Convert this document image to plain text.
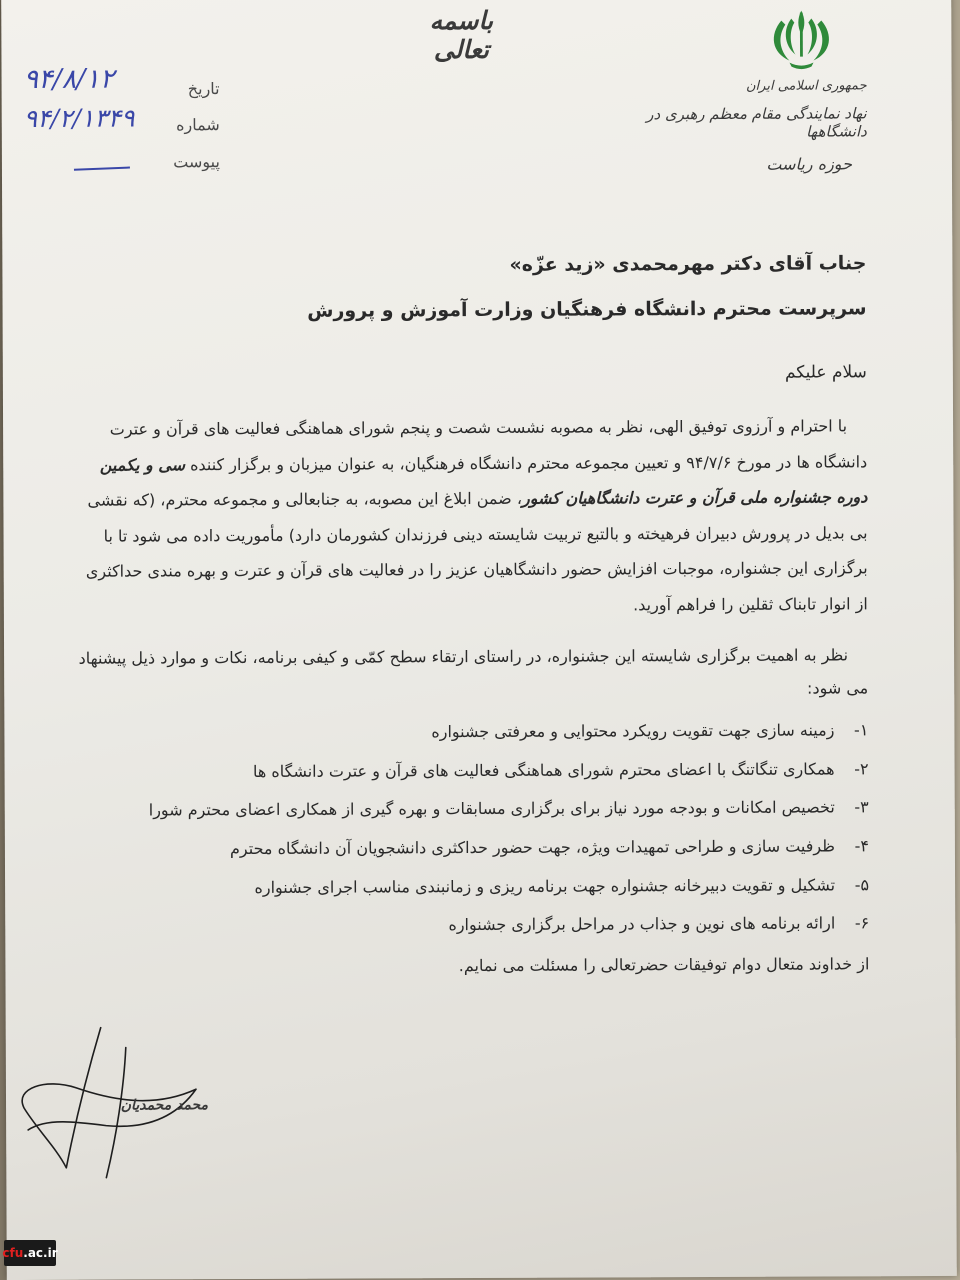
باسمه تعالی
جمهوری اسلامی ایران
نهاد نمایندگی مقام معظم رهبری در دانشگاهها
حوزه ریاست
تاریخ
۹۴/۸/۱۲
شماره
۹۴/۲/۱۳۴۹
پیوست
جناب آقای دکتر مهرمحمدی «زید عزّه»
سرپرست محترم دانشگاه فرهنگیان وزارت آموزش و پرورش
سلام علیکم

با احترام و آرزوی توفیق الهی، نظر به مصوبه نشست شصت و پنجم شورای هماهنگی فعالیت های قرآن و عترت دانشگاه ها در مورخ ۹۴/۷/۶ و تعیین مجموعه محترم دانشگاه فرهنگیان، به عنوان میزبان و برگزار کننده سی و یکمین دوره جشنواره ملی قرآن و عترت دانشگاهیان کشور، ضمن ابلاغ این مصوبه، به جنابعالی و مجموعه محترم، (که نقشی بی بدیل در پرورش دبیران فرهیخته و بالتبع تربیت شایسته دینی فرزندان کشورمان دارد) مأموریت داده می شود تا با برگزاری این جشنواره، موجبات افزایش حضور دانشگاهیان عزیز را در فعالیت های قرآن و عترت و بهره مندی حداکثری از انوار تابناک ثقلین را فراهم آورید.

نظر به اهمیت برگزاری شایسته این جشنواره، در راستای ارتقاء سطح کمّی و کیفی برنامه، نکات و موارد ذیل پیشنهاد می شود:

۱-
زمینه سازی جهت تقویت رویکرد محتوایی و معرفتی جشنواره
۲-
همکاری تنگاتنگ با اعضای محترم شورای هماهنگی فعالیت های قرآن و عترت دانشگاه ها
۳-
تخصیص امکانات و بودجه مورد نیاز برای برگزاری مسابقات و بهره گیری از همکاری اعضای محترم شورا
۴-
ظرفیت سازی و طراحی تمهیدات ویژه، جهت حضور حداکثری دانشجویان آن دانشگاه محترم
۵-
تشکیل و تقویت دبیرخانه جشنواره جهت برنامه ریزی و زمانبندی مناسب اجرای جشنواره
۶-
ارائه برنامه های نوین و جذاب در مراحل برگزاری جشنواره
از خداوند متعال دوام توفیقات حضرتعالی را مسئلت می نمایم.
محمد محمدیان
cfu .ac.ir
